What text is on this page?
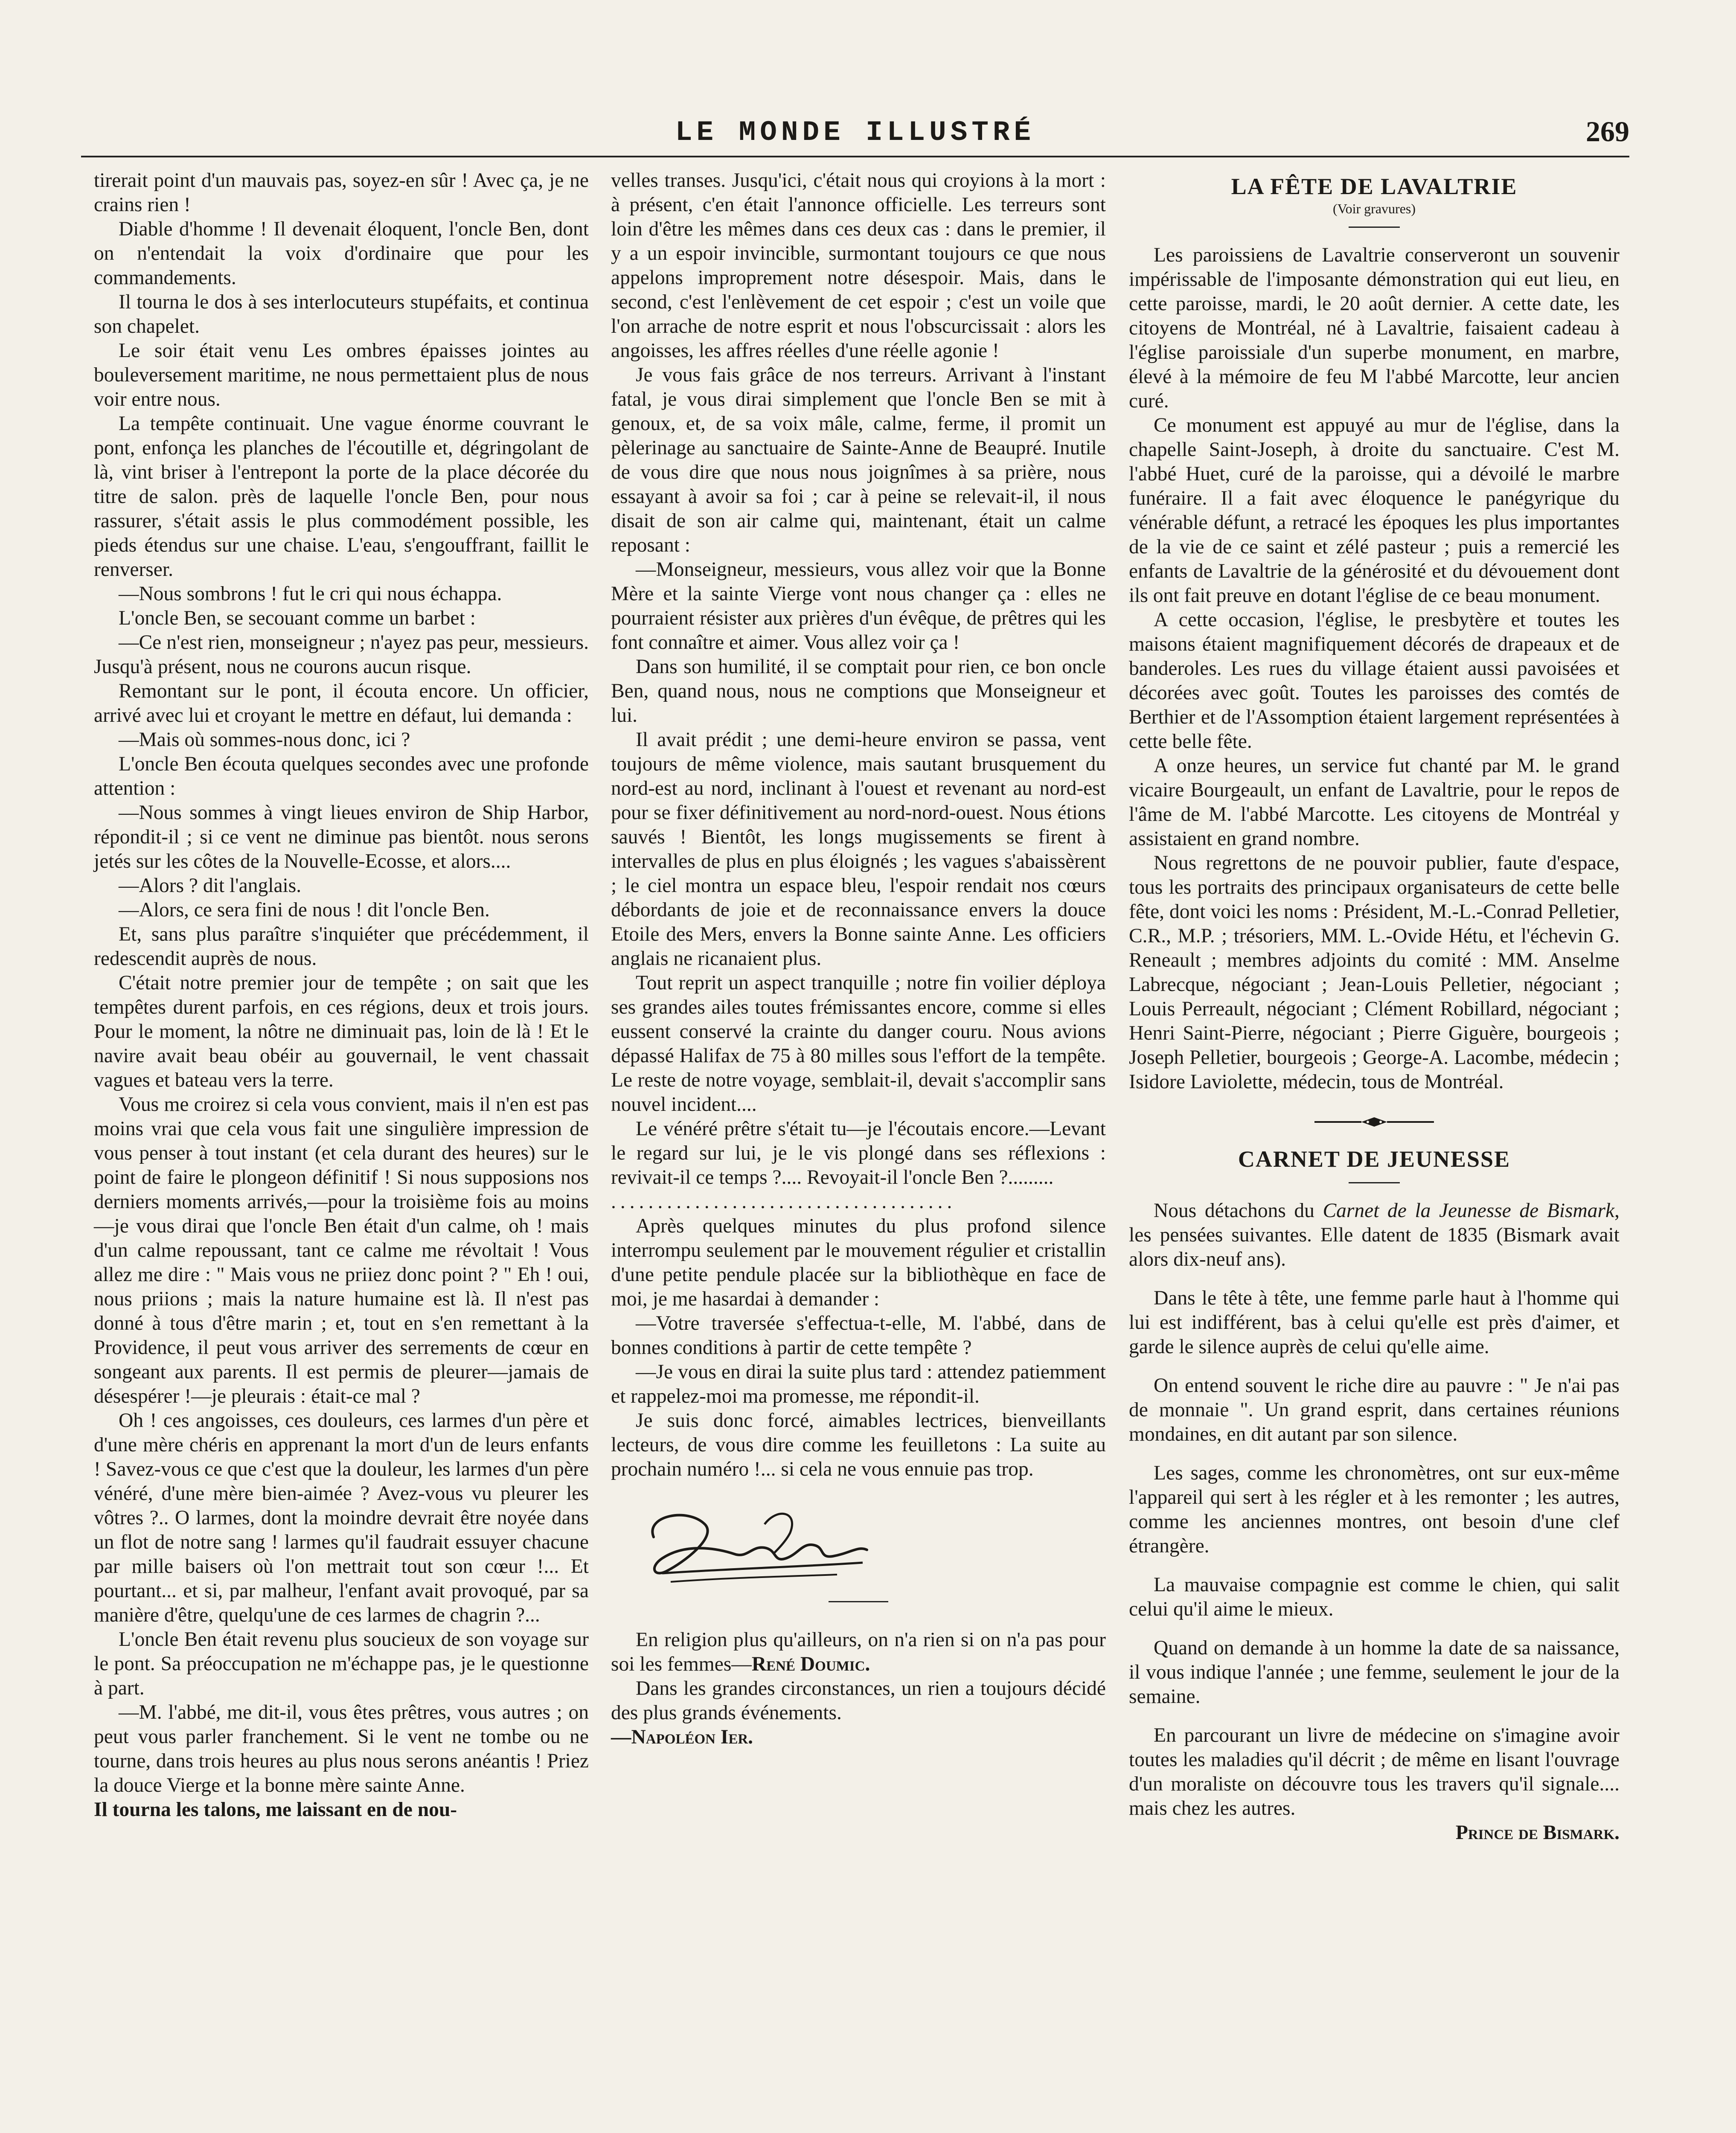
LE MONDE ILLUSTRÉ	269

tirerait point d'un mauvais pas, soyez-en sûr ! Avec ça, je ne crains rien !

Diable d'homme ! Il devenait éloquent, l'oncle Ben, dont on n'entendait la voix d'ordinaire que pour les commandements.

Il tourna le dos à ses interlocuteurs stupéfaits, et continua son chapelet.

Le soir était venu Les ombres épaisses jointes au bouleversement maritime, ne nous permettaient plus de nous voir entre nous.

La tempête continuait. Une vague énorme couvrant le pont, enfonça les planches de l'écoutille et, dégringolant de là, vint briser à l'entrepont la porte de la place décorée du titre de salon. près de laquelle l'oncle Ben, pour nous rassurer, s'était assis le plus commodément possible, les pieds étendus sur une chaise. L'eau, s'engouffrant, faillit le renverser.

—Nous sombrons ! fut le cri qui nous échappa.

L'oncle Ben, se secouant comme un barbet :

—Ce n'est rien, monseigneur ; n'ayez pas peur, messieurs. Jusqu'à présent, nous ne courons aucun risque.

Remontant sur le pont, il écouta encore. Un officier, arrivé avec lui et croyant le mettre en défaut, lui demanda :

—Mais où sommes-nous donc, ici ?

L'oncle Ben écouta quelques secondes avec une profonde attention :

—Nous sommes à vingt lieues environ de Ship Harbor, répondit-il ; si ce vent ne diminue pas bientôt. nous serons jetés sur les côtes de la Nouvelle-Ecosse, et alors....

—Alors ? dit l'anglais.

—Alors, ce sera fini de nous ! dit l'oncle Ben.

Et, sans plus paraître s'inquiéter que précédemment, il redescendit auprès de nous.

C'était notre premier jour de tempête ; on sait que les tempêtes durent parfois, en ces régions, deux et trois jours. Pour le moment, la nôtre ne diminuait pas, loin de là ! Et le navire avait beau obéir au gouvernail, le vent chassait vagues et bateau vers la terre.

Vous me croirez si cela vous convient, mais il n'en est pas moins vrai que cela vous fait une singulière impression de vous penser à tout instant (et cela durant des heures) sur le point de faire le plongeon définitif ! Si nous supposions nos derniers moments arrivés,—pour la troisième fois au moins—je vous dirai que l'oncle Ben était d'un calme, oh ! mais d'un calme repoussant, tant ce calme me révoltait ! Vous allez me dire : " Mais vous ne priiez donc point ? " Eh ! oui, nous priions ; mais la nature humaine est là. Il n'est pas donné à tous d'être marin ; et, tout en s'en remettant à la Providence, il peut vous arriver des serrements de cœur en songeant aux parents. Il est permis de pleurer—jamais de désespérer !—je pleurais : était-ce mal ?

Oh ! ces angoisses, ces douleurs, ces larmes d'un père et d'une mère chéris en apprenant la mort d'un de leurs enfants ! Savez-vous ce que c'est que la douleur, les larmes d'un père vénéré, d'une mère bien-aimée ? Avez-vous vu pleurer les vôtres ?.. O larmes, dont la moindre devrait être noyée dans un flot de notre sang ! larmes qu'il faudrait essuyer chacune par mille baisers où l'on mettrait tout son cœur !... Et pourtant... et si, par malheur, l'enfant avait provoqué, par sa manière d'être, quelqu'une de ces larmes de chagrin ?...

L'oncle Ben était revenu plus soucieux de son voyage sur le pont. Sa préoccupation ne m'échappe pas, je le questionne à part.

—M. l'abbé, me dit-il, vous êtes prêtres, vous autres ; on peut vous parler franchement. Si le vent ne tombe ou ne tourne, dans trois heures au plus nous serons anéantis ! Priez la douce Vierge et la bonne mère sainte Anne.

Il tourna les talons, me laissant en de nou-

velles transes. Jusqu'ici, c'était nous qui croyions à la mort : à présent, c'en était l'annonce officielle. Les terreurs sont loin d'être les mêmes dans ces deux cas : dans le premier, il y a un espoir invincible, surmontant toujours ce que nous appelons improprement notre désespoir. Mais, dans le second, c'est l'enlèvement de cet espoir ; c'est un voile que l'on arrache de notre esprit et nous l'obscurcissait : alors les angoisses, les affres réelles d'une réelle agonie !

Je vous fais grâce de nos terreurs. Arrivant à l'instant fatal, je vous dirai simplement que l'oncle Ben se mit à genoux, et, de sa voix mâle, calme, ferme, il promit un pèlerinage au sanctuaire de Sainte-Anne de Beaupré. Inutile de vous dire que nous nous joignîmes à sa prière, nous essayant à avoir sa foi ; car à peine se relevait-il, il nous disait de son air calme qui, maintenant, était un calme reposant :

—Monseigneur, messieurs, vous allez voir que la Bonne Mère et la sainte Vierge vont nous changer ça : elles ne pourraient résister aux prières d'un évêque, de prêtres qui les font connaître et aimer. Vous allez voir ça !

Dans son humilité, il se comptait pour rien, ce bon oncle Ben, quand nous, nous ne comptions que Monseigneur et lui.

Il avait prédit ; une demi-heure environ se passa, vent toujours de même violence, mais sautant brusquement du nord-est au nord, inclinant à l'ouest et revenant au nord-est pour se fixer définitivement au nord-nord-ouest. Nous étions sauvés ! Bientôt, les longs mugissements se firent à intervalles de plus en plus éloignés ; les vagues s'abaissèrent ; le ciel montra un espace bleu, l'espoir rendait nos cœurs débordants de joie et de reconnaissance envers la douce Etoile des Mers, envers la Bonne sainte Anne. Les officiers anglais ne ricanaient plus.

Tout reprit un aspect tranquille ; notre fin voilier déploya ses grandes ailes toutes frémissantes encore, comme si elles eussent conservé la crainte du danger couru. Nous avions dépassé Halifax de 75 à 80 milles sous l'effort de la tempête. Le reste de notre voyage, semblait-il, devait s'accomplir sans nouvel incident....

Le vénéré prêtre s'était tu—je l'écoutais encore.—Levant le regard sur lui, je le vis plongé dans ses réflexions : revivait-il ce temps ?.... Revoyait-il l'oncle Ben ?.........

.....................................

Après quelques minutes du plus profond silence interrompu seulement par le mouvement régulier et cristallin d'une petite pendule placée sur la bibliothèque en face de moi, je me hasardai à demander :

—Votre traversée s'effectua-t-elle, M. l'abbé, dans de bonnes conditions à partir de cette tempête ?

—Je vous en dirai la suite plus tard : attendez patiemment et rappelez-moi ma promesse, me répondit-il.

Je suis donc forcé, aimables lectrices, bienveillants lecteurs, de vous dire comme les feuilletons : La suite au prochain numéro !... si cela ne vous ennuie pas trop.

En religion plus qu'ailleurs, on n'a rien si on n'a pas pour soi les femmes—René Doumic.

Dans les grandes circonstances, un rien a toujours décidé des plus grands événements.

—Napoléon Ier.

LA FÊTE DE LAVALTRIE
(Voir gravures)

Les paroissiens de Lavaltrie conserveront un souvenir impérissable de l'imposante démonstration qui eut lieu, en cette paroisse, mardi, le 20 août dernier. A cette date, les citoyens de Montréal, né à Lavaltrie, faisaient cadeau à l'église paroissiale d'un superbe monument, en marbre, élevé à la mémoire de feu M l'abbé Marcotte, leur ancien curé.

Ce monument est appuyé au mur de l'église, dans la chapelle Saint-Joseph, à droite du sanctuaire. C'est M. l'abbé Huet, curé de la paroisse, qui a dévoilé le marbre funéraire. Il a fait avec éloquence le panégyrique du vénérable défunt, a retracé les époques les plus importantes de la vie de ce saint et zélé pasteur ; puis a remercié les enfants de Lavaltrie de la générosité et du dévouement dont ils ont fait preuve en dotant l'église de ce beau monument.

A cette occasion, l'église, le presbytère et toutes les maisons étaient magnifiquement décorés de drapeaux et de banderoles. Les rues du village étaient aussi pavoisées et décorées avec goût. Toutes les paroisses des comtés de Berthier et de l'Assomption étaient largement représentées à cette belle fête.

A onze heures, un service fut chanté par M. le grand vicaire Bourgeault, un enfant de Lavaltrie, pour le repos de l'âme de M. l'abbé Marcotte. Les citoyens de Montréal y assistaient en grand nombre.

Nous regrettons de ne pouvoir publier, faute d'espace, tous les portraits des principaux organisateurs de cette belle fête, dont voici les noms : Président, M.-L.-Conrad Pelletier, C.R., M.P. ; trésoriers, MM. L.-Ovide Hétu, et l'échevin G. Reneault ; membres adjoints du comité : MM. Anselme Labrecque, négociant ; Jean-Louis Pelletier, négociant ; Louis Perreault, négociant ; Clément Robillard, négociant ; Henri Saint-Pierre, négociant ; Pierre Giguère, bourgeois ; Joseph Pelletier, bourgeois ; George-A. Lacombe, médecin ; Isidore Laviolette, médecin, tous de Montréal.

CARNET DE JEUNESSE

Nous détachons du Carnet de la Jeunesse de Bismark, les pensées suivantes. Elle datent de 1835 (Bismark avait alors dix-neuf ans).

Dans le tête à tête, une femme parle haut à l'homme qui lui est indifférent, bas à celui qu'elle est près d'aimer, et garde le silence auprès de celui qu'elle aime.

On entend souvent le riche dire au pauvre : " Je n'ai pas de monnaie ". Un grand esprit, dans certaines réunions mondaines, en dit autant par son silence.

Les sages, comme les chronomètres, ont sur eux-même l'appareil qui sert à les régler et à les remonter ; les autres, comme les anciennes montres, ont besoin d'une clef étrangère.

La mauvaise compagnie est comme le chien, qui salit celui qu'il aime le mieux.

Quand on demande à un homme la date de sa naissance, il vous indique l'année ; une femme, seulement le jour de la semaine.

En parcourant un livre de médecine on s'imagine avoir toutes les maladies qu'il décrit ; de même en lisant l'ouvrage d'un moraliste on découvre tous les travers qu'il signale.... mais chez les autres.

Prince de Bismark.
